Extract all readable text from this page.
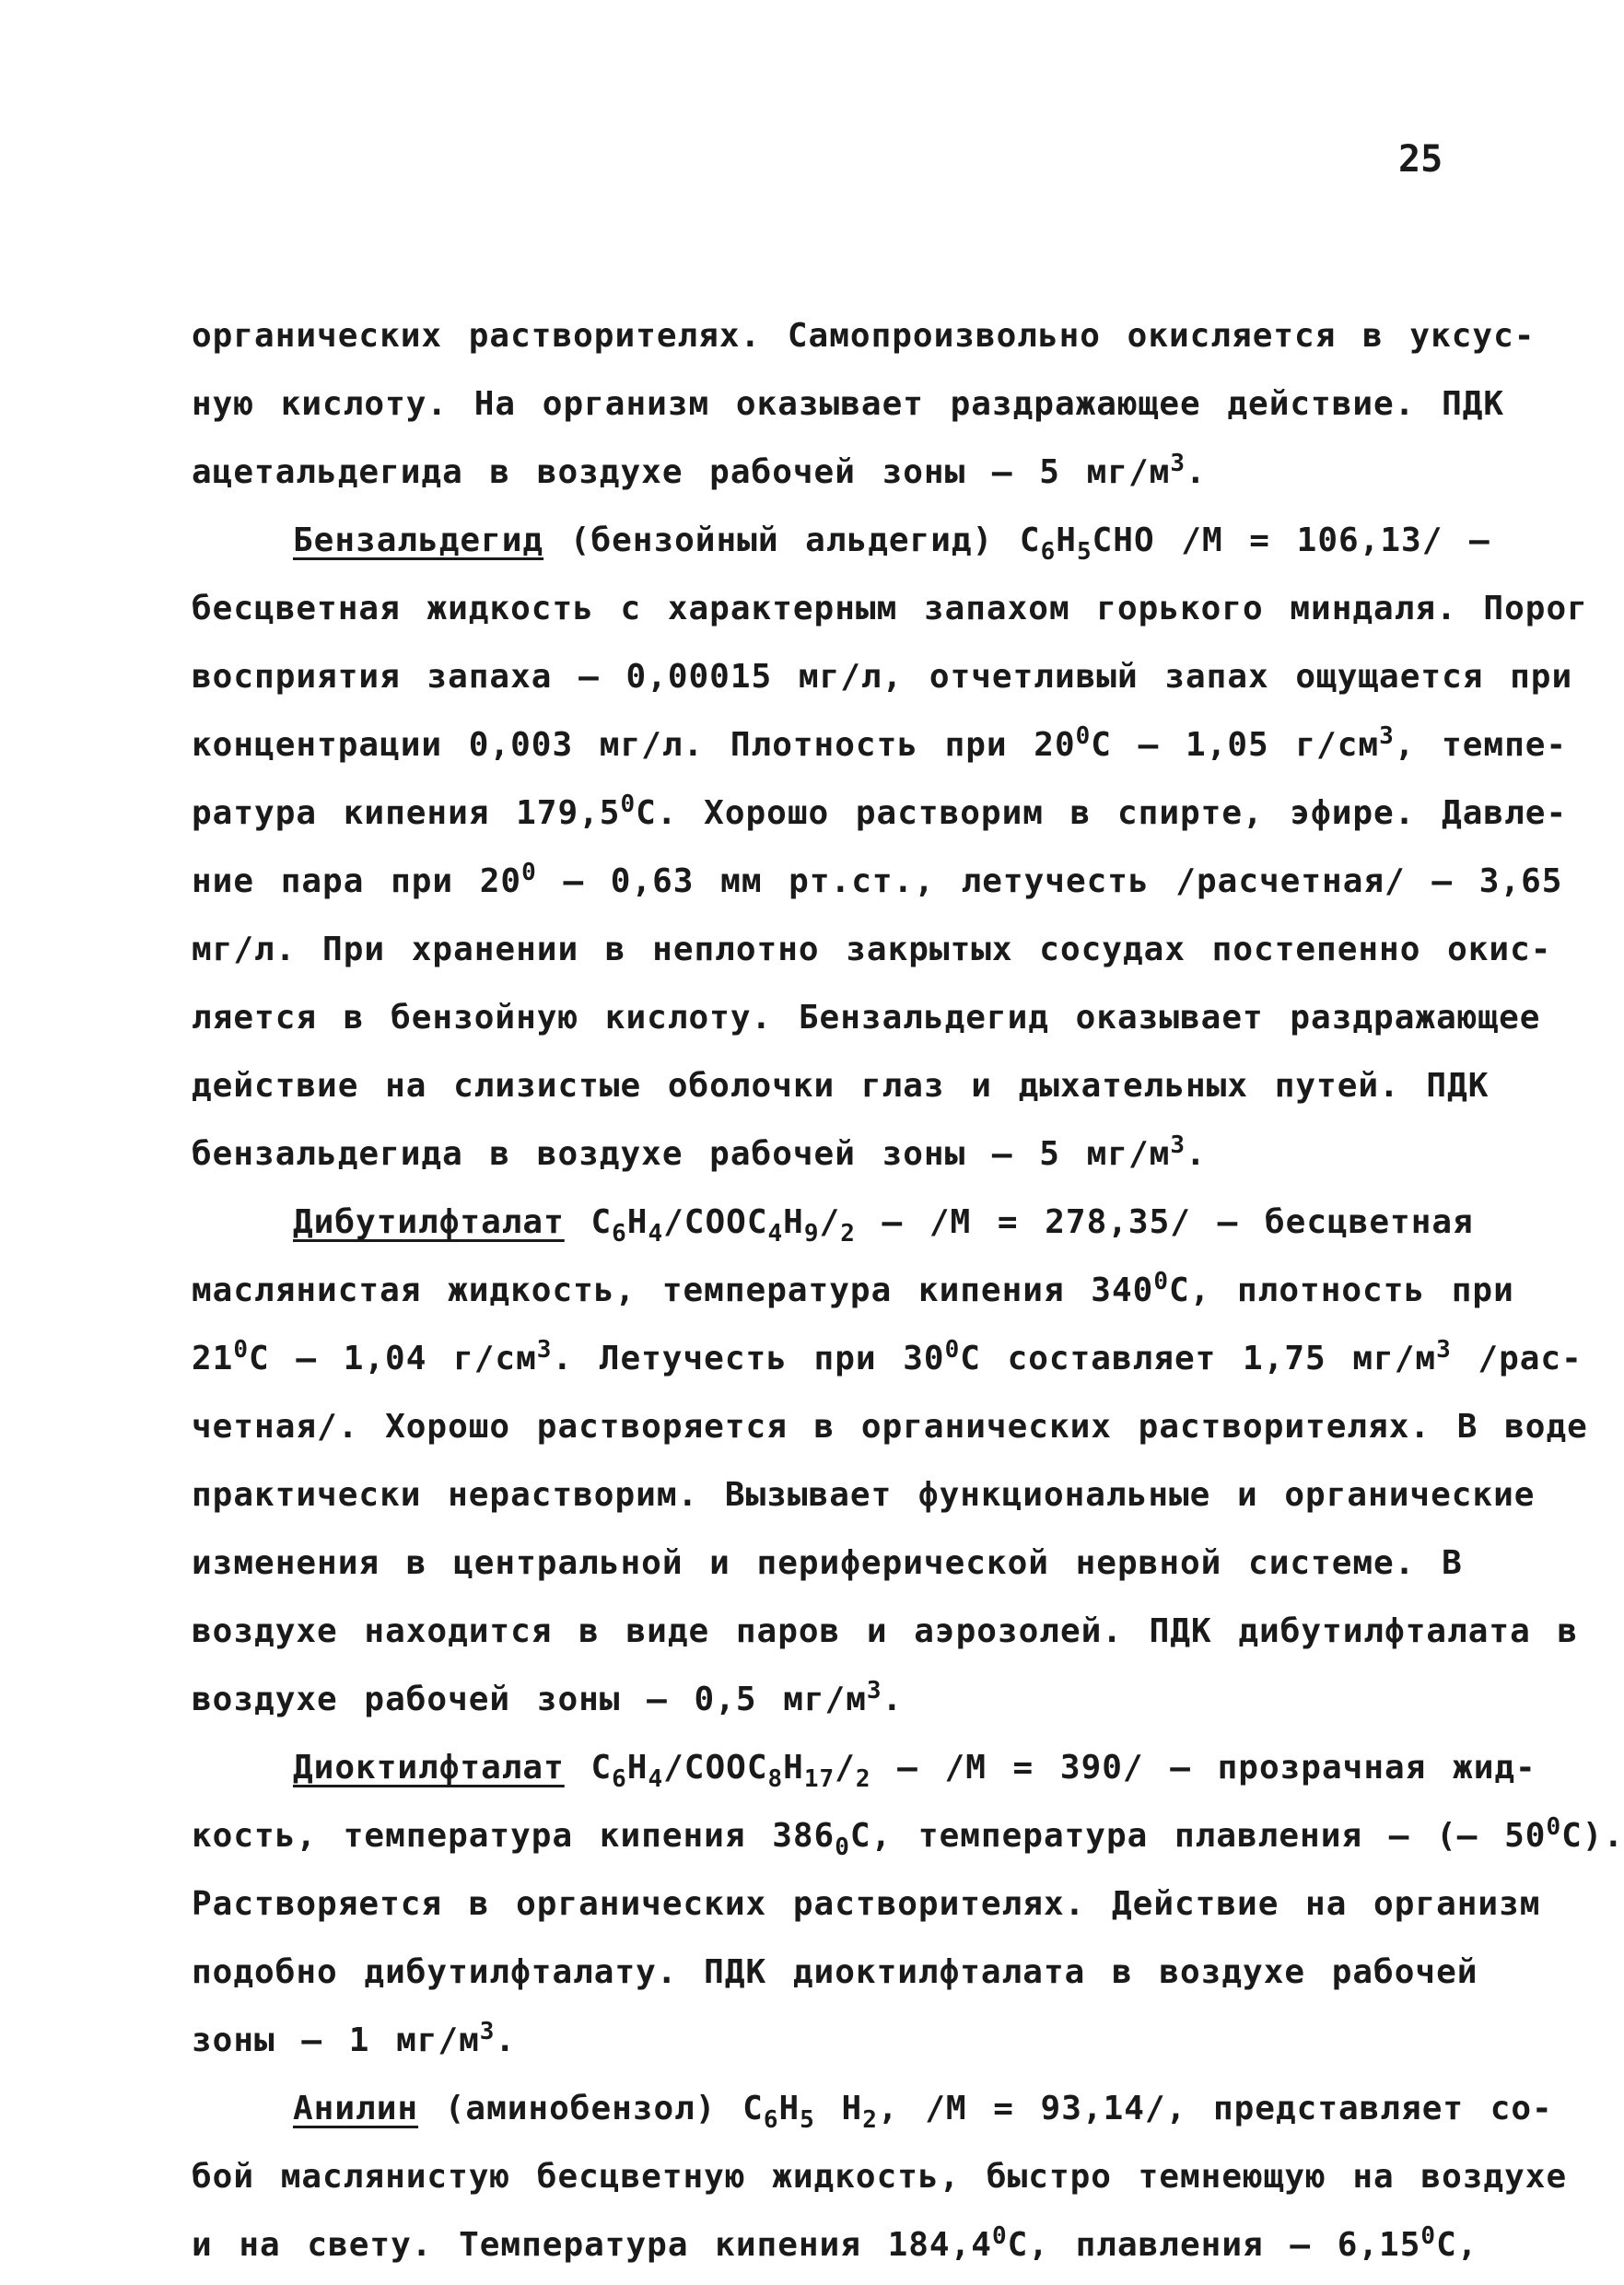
25
органических растворителях. Самопроизвольно окисляется в уксус-
ную кислоту. На организм оказывает раздражающее действие. ПДК
ацетальдегида в воздухе рабочей зоны – 5 $мг/м^3$.
Бензальдегид (бензойный альдегид) $C_6H_5CHO$ /М = 106,13/ –
бесцветная жидкость с характерным запахом горького миндаля. Порог
восприятия запаха – 0,00015 мг/л, отчетливый запах ощущается при
концентрации 0,003 мг/л. Плотность при $20^0C - 1,05$ $г/см^3$, темпе-
ратура кипения 179,5$^0$C. Хорошо растворим в спирте, эфире. Давле-
ние пара при $20^0 - 0,63$ мм рт.ст., летучесть /расчетная/ – 3,65
мг/л. При хранении в неплотно закрытых сосудах постепенно окис-
ляется в бензойную кислоту. Бензальдегид оказывает раздражающее
действие на слизистые оболочки глаз и дыхательных путей. ПДК
бензальдегида в воздухе рабочей зоны – 5 $мг/м^3$.
Дибутилфталат $C_6H_4/COOC_4H_9/_2 - /М = 278,35/$ – бесцветная
маслянистая жидкость, температура кипения $340^0C$, плотность при
$21^0C - 1,04$ $г/см^3$. Летучесть при $30^0C$ составляет 1,75 $мг/м^3$ /рас-
четная/. Хорошо растворяется в органических растворителях. В воде
практически нерастворим. Вызывает функциональные и органические
изменения в центральной и периферической нервной системе. В
воздухе находится в виде паров и аэрозолей. ПДК дибутилфталата в
воздухе рабочей зоны – 0,5 $мг/м^3$.
Диоктилфталат $C_6H_4/COOC_8H_{17}/_2 - /М = 390/$ – прозрачная жид-
кость, температура кипения $386_0C$, температура плавления – (– $50^0C$).
Растворяется в органических растворителях. Действие на организм
подобно дибутилфталату. ПДК диоктилфталата в воздухе рабочей
зоны – 1 $мг/м^3$.
Анилин (аминобензол) $C_6H_5$ $H_2$, /М = 93,14/, представляет со-
бой маслянистую бесцветную жидкость, быстро темнеющую на воздухе
и на свету. Температура кипения 184,4$^0$C, плавления – 6,15$^0$C,
